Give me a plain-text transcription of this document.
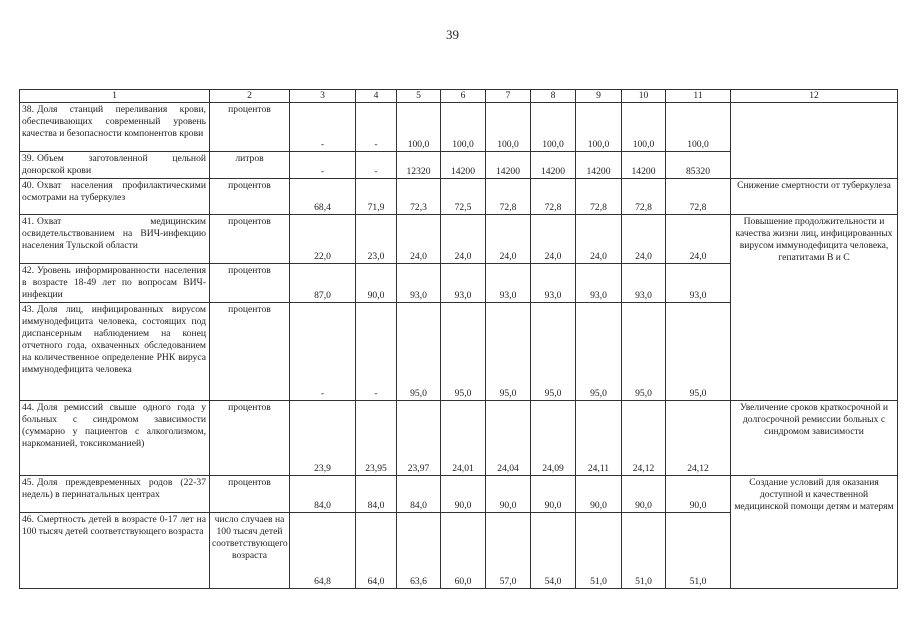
39
1	2	3	4	5	6	7	8	9	10	11	12
38. Доля станций переливания крови, обеспечивающих современный уровень качества и безопасности компонентов крови	процентов	-	-	100,0	100,0	100,0	100,0	100,0	100,0	100,0	
39. Объем заготовленной цельной донорской крови	литров	-	-	12320	14200	14200	14200	14200	14200	85320	
40. Охват населения профилактическими осмотрами на туберкулез	процентов	68,4	71,9	72,3	72,5	72,8	72,8	72,8	72,8	72,8	Снижение смертности от туберкулеза
41. Охват медицинским освидетельствованием на ВИЧ-инфекцию населения Тульской области	процентов	22,0	23,0	24,0	24,0	24,0	24,0	24,0	24,0	24,0	Повышение продолжительности и качества жизни лиц, инфицированных вирусом иммунодефицита человека, гепатитами В и С
42. Уровень информированности населения в возрасте 18-49 лет по вопросам ВИЧ-инфекции	процентов	87,0	90,0	93,0	93,0	93,0	93,0	93,0	93,0	93,0	
43. Доля лиц, инфицированных вирусом иммунодефицита человека, состоящих под диспансерным наблюдением на конец отчетного года, охваченных обследованием на количественное определение РНК вируса иммунодефицита человека	процентов	-	-	95,0	95,0	95,0	95,0	95,0	95,0	95,0	
44. Доля ремиссий свыше одного года у больных с синдромом зависимости (суммарно у пациентов с алкоголизмом, наркоманией, токсикоманией)	процентов	23,9	23,95	23,97	24,01	24,04	24,09	24,11	24,12	24,12	Увеличение сроков краткосрочной и долгосрочной ремиссии больных с синдромом зависимости
45. Доля преждевременных родов (22-37 недель) в перинатальных центрах	процентов	84,0	84,0	84,0	90,0	90,0	90,0	90,0	90,0	90,0	Создание условий для оказания доступной и качественной медицинской помощи детям и матерям
46. Смертность детей в возрасте 0-17 лет на 100 тысяч детей соответствующего возраста	число случаев на 100 тысяч детей соответствующего возраста	64,8	64,0	63,6	60,0	57,0	54,0	51,0	51,0	51,0	
